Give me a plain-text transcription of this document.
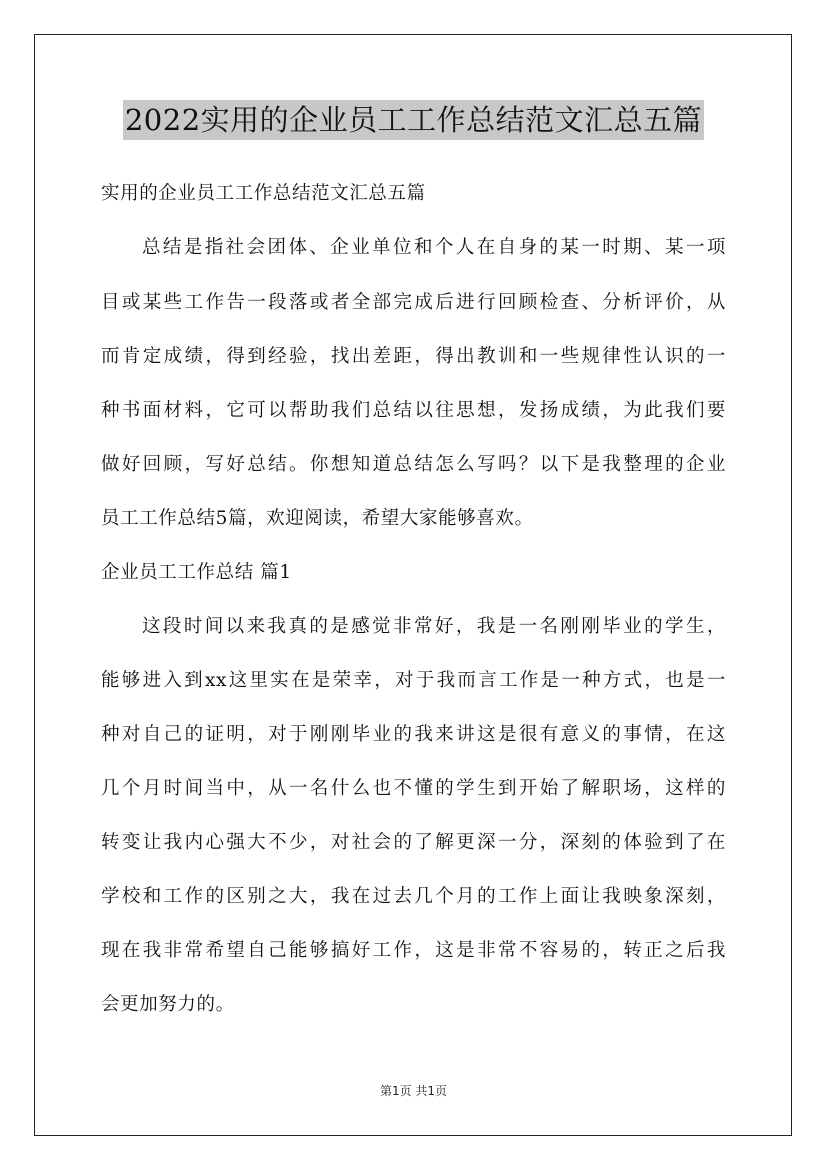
2022实用的企业员工工作总结范文汇总五篇
实用的企业员工工作总结范文汇总五篇
总结是指社会团体、企业单位和个人在自身的某一时期、某一项
目或某些工作告一段落或者全部完成后进行回顾检查、分析评价，从
而肯定成绩，得到经验，找出差距，得出教训和一些规律性认识的一
种书面材料，它可以帮助我们总结以往思想，发扬成绩，为此我们要
做好回顾，写好总结。你想知道总结怎么写吗？以下是我整理的企业
员工工作总结5篇，欢迎阅读，希望大家能够喜欢。
企业员工工作总结 篇1
这段时间以来我真的是感觉非常好，我是一名刚刚毕业的学生，
能够进入到xx这里实在是荣幸，对于我而言工作是一种方式，也是一
种对自己的证明，对于刚刚毕业的我来讲这是很有意义的事情，在这
几个月时间当中，从一名什么也不懂的学生到开始了解职场，这样的
转变让我内心强大不少，对社会的了解更深一分，深刻的体验到了在
学校和工作的区别之大，我在过去几个月的工作上面让我映象深刻，
现在我非常希望自己能够搞好工作，这是非常不容易的，转正之后我
会更加努力的。
第1页 共1页
